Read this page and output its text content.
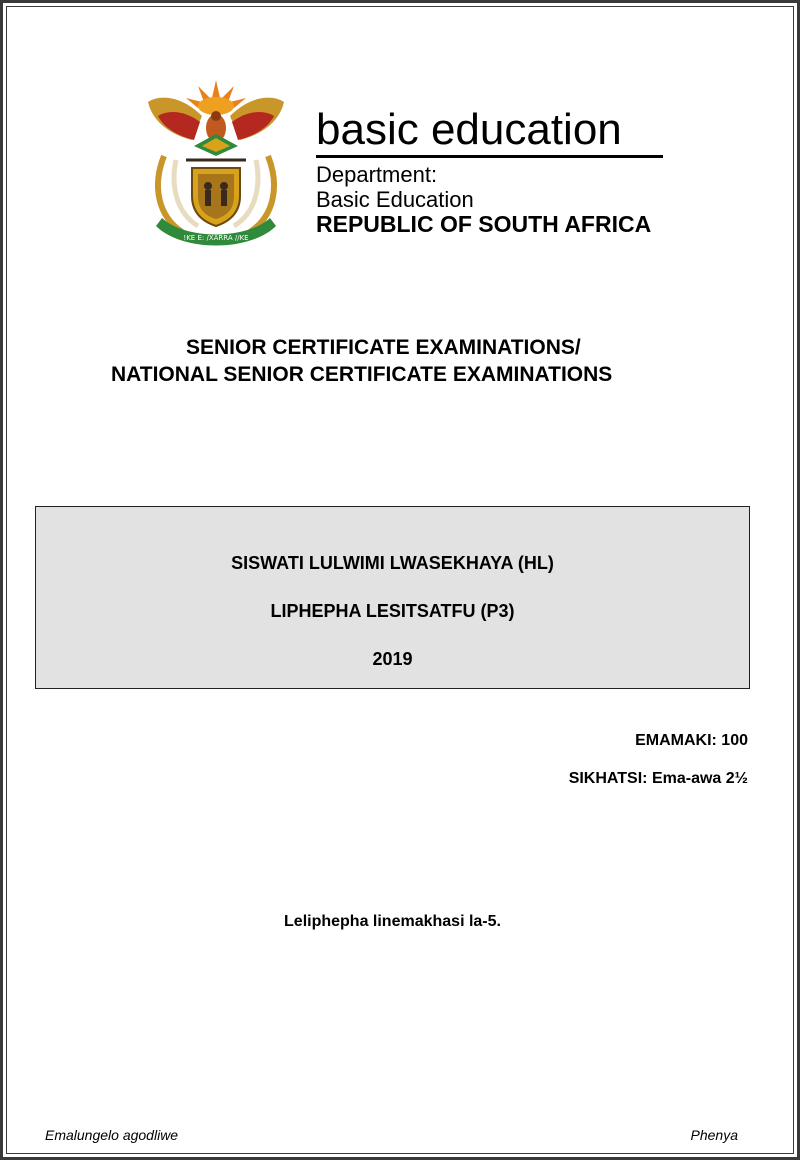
!KE E: /XARRA //KE
basic education
Department:
Basic Education
REPUBLIC OF SOUTH AFRICA
SENIOR CERTIFICATE EXAMINATIONS/
NATIONAL SENIOR CERTIFICATE EXAMINATIONS
SISWATI LULWIMI LWASEKHAYA (HL)
LIPHEPHA LESITSATFU (P3)
2019
EMAMAKI: 100
SIKHATSI: Ema-awa 2½
Leliphepha linemakhasi la-5.
Emalungelo agodliwe	Phenya
